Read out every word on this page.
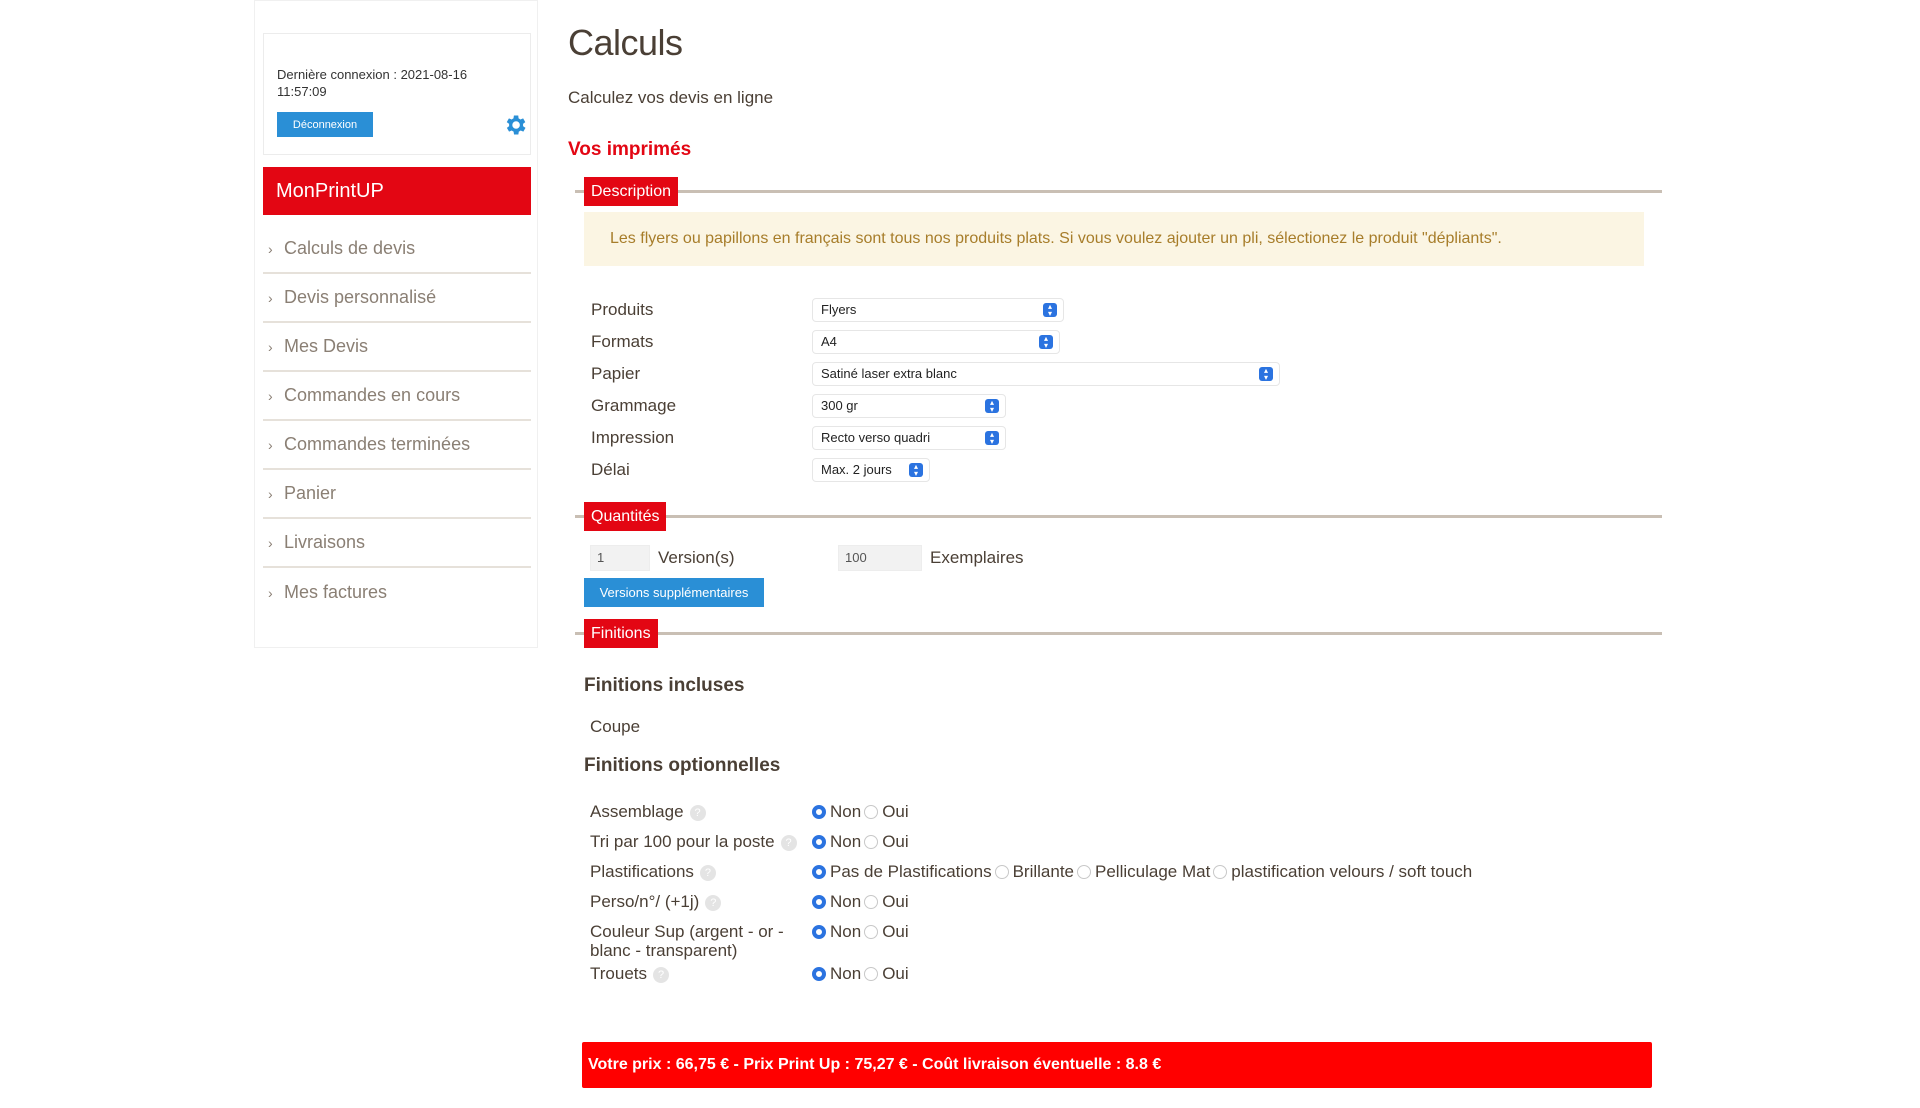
Dernière connexion : 2021-08-16 11:57:09
Déconnexion
MonPrintUP
› Calculs de devis
› Devis personnalisé
› Mes Devis
› Commandes en cours
› Commandes terminées
› Panier
› Livraisons
› Mes factures
Calculs
Calculez vos devis en ligne
Vos imprimés
Description
Les flyers ou papillons en français sont tous nos produits plats. Si vous voulez ajouter un pli, sélectionez le produit "dépliants".
Produits	Flyers	▴
▾
Formats	A4	▴
▾
Papier	Satiné laser extra blanc	▴
▾
Grammage	300 gr	▴
▾
Impression	Recto verso quadri	▴
▾
Délai	Max. 2 jours	▴
▾
Quantités
1	Version(s)	100	Exemplaires
Versions supplémentaires
Finitions
Finitions incluses
Coupe
Finitions optionnelles
Assemblage ?	Non Oui
Tri par 100 pour la poste ? Non Oui
Plastifications ?	Pas de Plastifications Brillante Pelliculage Mat plastification velours / soft touch
Perso/n°/ (+1j) ?	Non Oui
Couleur Sup (argent - or - blanc - transparent)
Non Oui
Trouets ?	Non Oui
Votre prix : 66,75 € - Prix Print Up : 75,27 € - Coût livraison éventuelle : 8.8 €
